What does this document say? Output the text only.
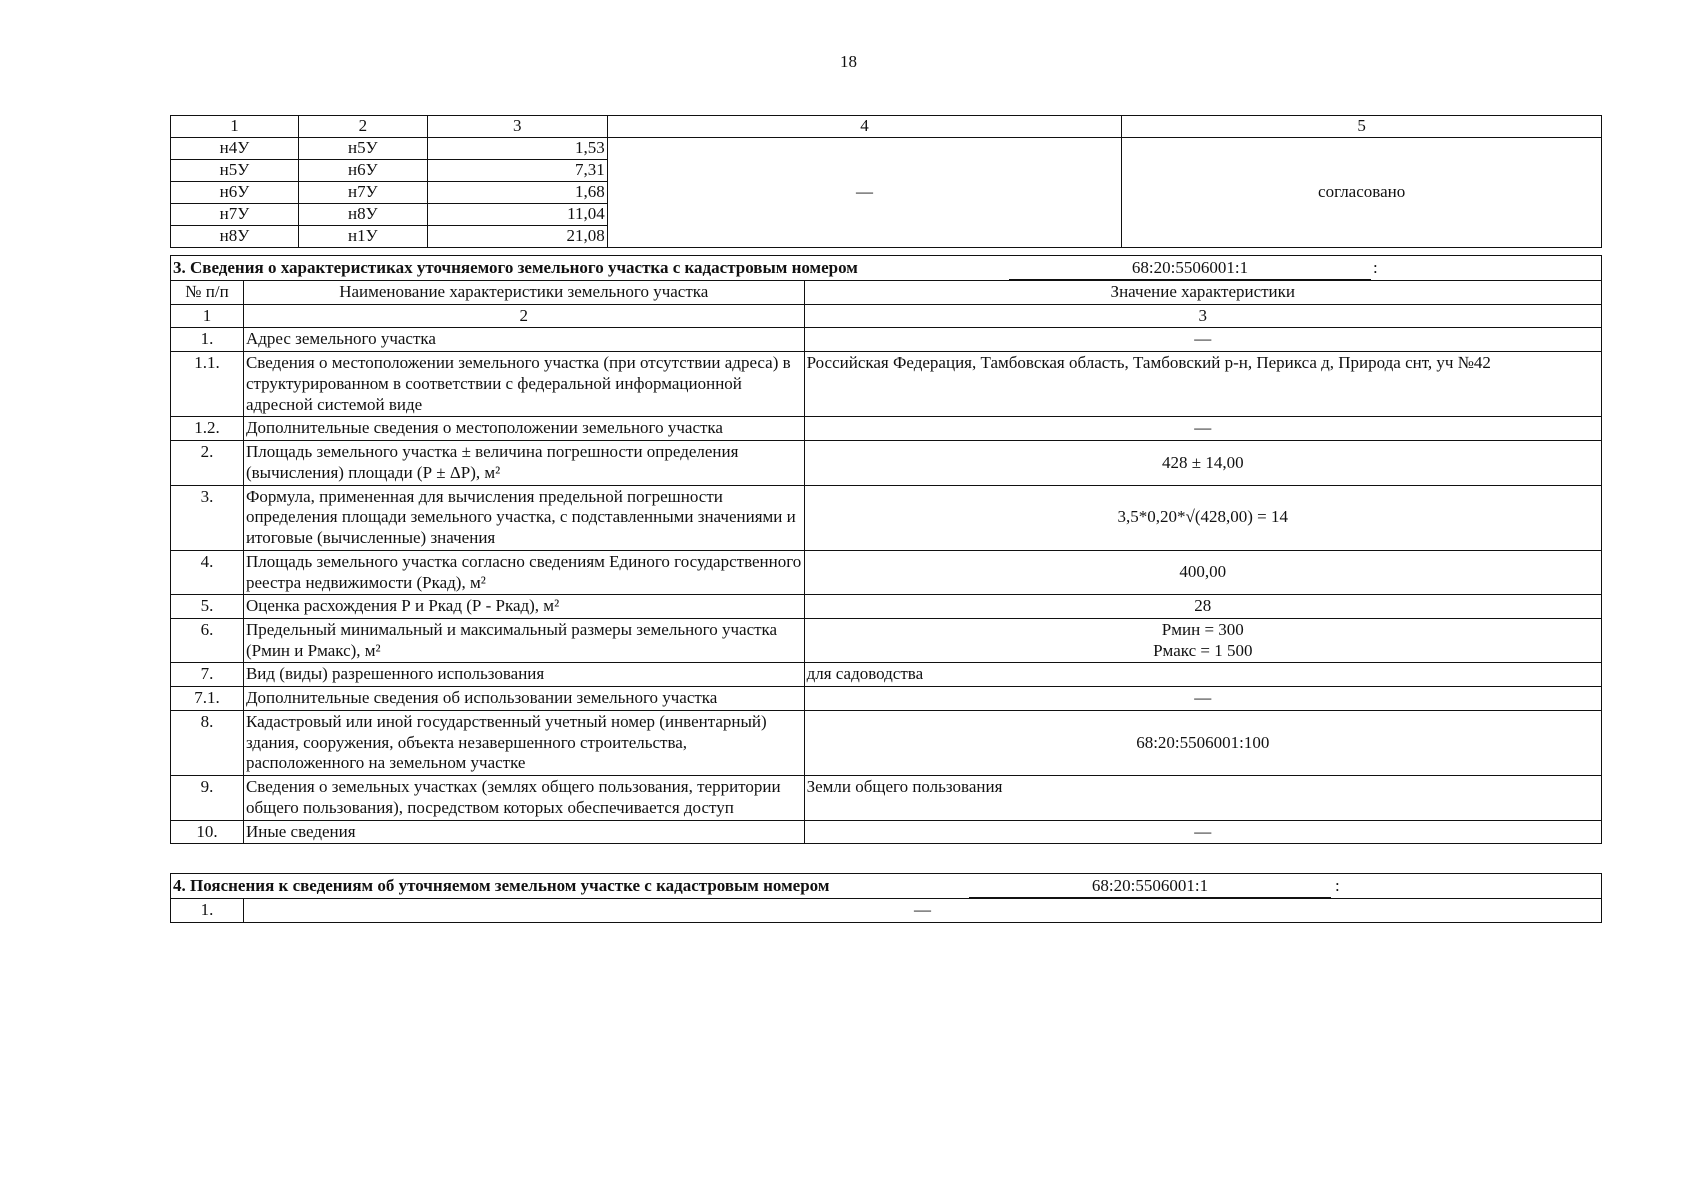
18
1	2	3	4	5
н4У	н5У	1,53	—	согласовано
н5У	н6У	7,31		
н6У	н7У	1,68		
н7У	н8У	11,04		
н8У	н1У	21,08		
3. Сведения о характеристиках уточняемого земельного участка с кадастровым номером 68:20:5506001:1 :		

№ п/п	Наименование характеристики земельного участка	Значение характеристики
1	2	3
1.	Адрес земельного участка	—
1.1.	Сведения о местоположении земельного участка (при отсутствии адреса) в структурированном в соответствии с федеральной информационной адресной системой виде	Российская Федерация, Тамбовская область, Тамбовский р-н, Перикса д, Природа снт, уч №42
1.2.	Дополнительные сведения о местоположении земельного участка	—
2.	Площадь земельного участка ± величина погрешности определения (вычисления) площади (Р ± ΔР), м²	428 ± 14,00
3.	Формула, примененная для вычисления предельной погрешности определения площади земельного участка, с подставленными значениями и итоговые (вычисленные) значения	3,5*0,20*√(428,00) = 14
4.	Площадь земельного участка согласно сведениям Единого государственного реестра недвижимости (Ркад), м²	400,00
5.	Оценка расхождения Р и Ркад (Р - Ркад), м²	28
6.	Предельный минимальный и максимальный размеры земельного участка (Рмин и Рмакс), м²	Рмин = 300
Рмакс = 1 500

7.	Вид (виды) разрешенного использования	для садоводства
7.1.	Дополнительные сведения об использовании земельного участка	—
8.	Кадастровый или иной государственный учетный номер (инвентарный) здания, сооружения, объекта незавершенного строительства, расположенного на земельном участке	68:20:5506001:100
9.	Сведения о земельных участках (землях общего пользования, территории общего пользования), посредством которых обеспечивается доступ	Земли общего пользования
10.	Иные сведения	—
4. Пояснения к сведениям об уточняемом земельном участке с кадастровым номером	68:20:5506001:1	:

1.	—
